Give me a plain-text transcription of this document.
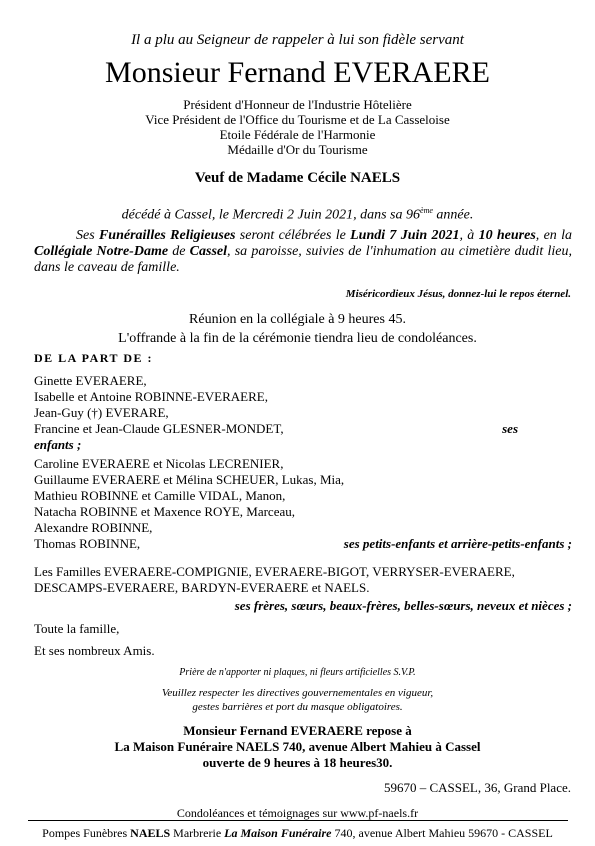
Il a plu au Seigneur de rappeler à lui son fidèle servant
Monsieur Fernand EVERAERE
Président d'Honneur de l'Industrie Hôtelière
Vice Président de l'Office du Tourisme et de La Casseloise
Etoile Fédérale de l'Harmonie
Médaille d'Or du Tourisme
Veuf de Madame Cécile NAELS
décédé à Cassel, le Mercredi 2 Juin 2021, dans sa 96ème année.
Ses Funérailles Religieuses seront célébrées le Lundi 7 Juin 2021, à 10 heures, en la Collégiale Notre-Dame de Cassel, sa paroisse, suivies de l'inhumation au cimetière dudit lieu, dans le caveau de famille.
Miséricordieux Jésus, donnez-lui le repos éternel.
Réunion en la collégiale à 9 heures 45.
L'offrande à la fin de la cérémonie tiendra lieu de condoléances.
DE LA PART DE :
Ginette EVERAERE,
Isabelle et Antoine ROBINNE-EVERAERE,
Jean-Guy (†) EVERARE,
Francine et Jean-Claude GLESNER-MONDET,	ses
enfants ;
Caroline EVERAERE et Nicolas LECRENIER,
Guillaume EVERAERE et Mélina SCHEUER, Lukas, Mia,
Mathieu ROBINNE et Camille VIDAL, Manon,
Natacha ROBINNE et Maxence ROYE, Marceau,
Alexandre ROBINNE,
Thomas ROBINNE,	ses petits-enfants et arrière-petits-enfants ;
Les Familles EVERAERE-COMPIGNIE, EVERAERE-BIGOT, VERRYSER-EVERAERE,
DESCAMPS-EVERAERE, BARDYN-EVERAERE et NAELS.
ses frères, sœurs, beaux-frères, belles-sœurs, neveux et nièces ;
Toute la famille,
Et ses nombreux Amis.
Prière de n'apporter ni plaques, ni fleurs artificielles S.V.P.
Veuillez respecter les directives gouvernementales en vigueur,
gestes barrières et port du masque obligatoires.
Monsieur Fernand EVERAERE repose à
La Maison Funéraire NAELS 740, avenue Albert Mahieu à Cassel
ouverte de 9 heures à 18 heures30.
59670 – CASSEL, 36, Grand Place.
Condoléances et témoignages sur www.pf-naels.fr
Pompes Funèbres NAELS Marbrerie La Maison Funéraire 740, avenue Albert Mahieu 59670 - CASSEL
